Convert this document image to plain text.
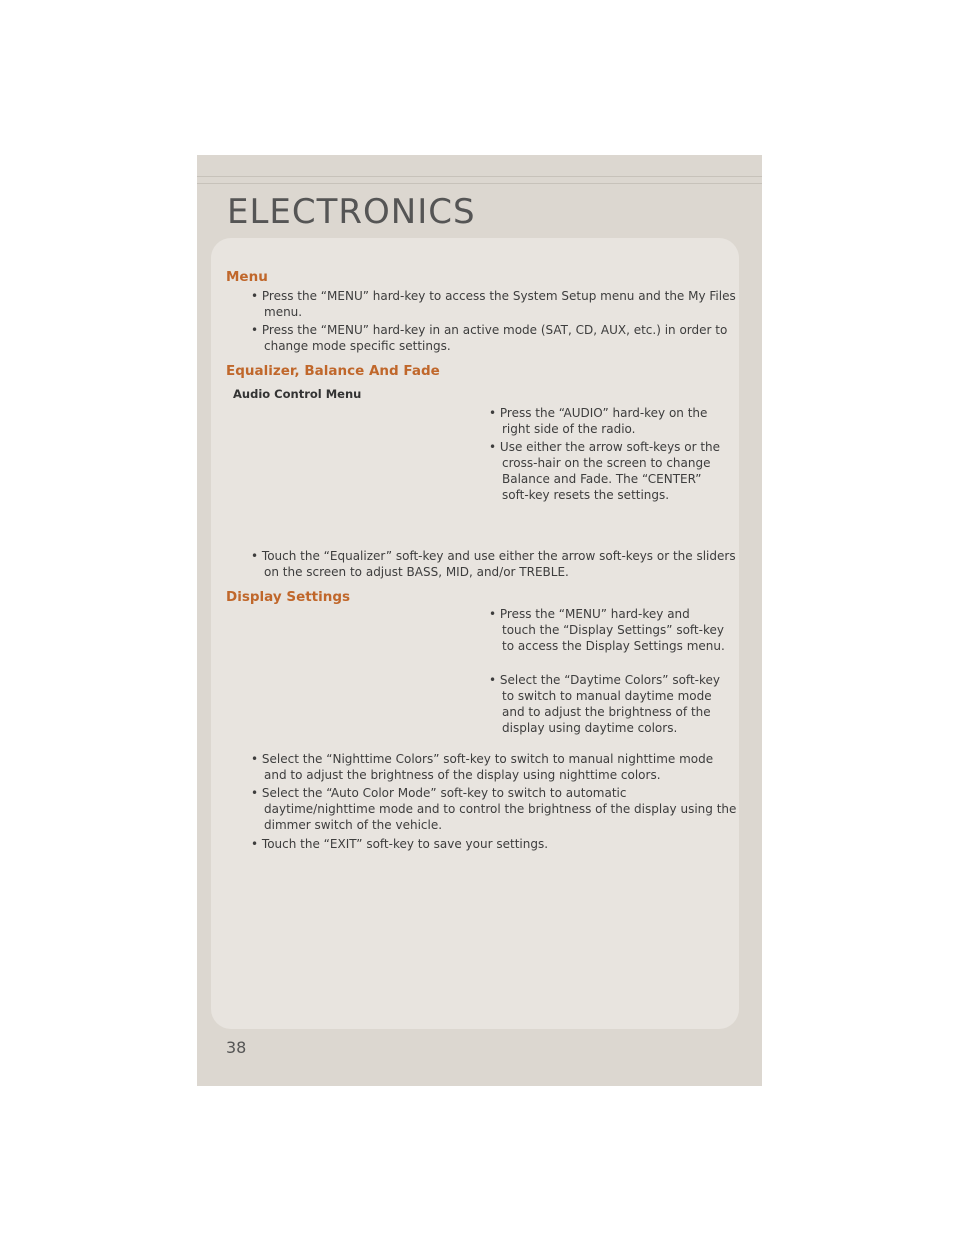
ELECTRONICS
Menu

• Press the “MENU” hard-key to access the System Setup menu and the My Files menu.

• Press the “MENU” hard-key in an active mode (SAT, CD, AUX, etc.) in order to change mode specific settings.

Equalizer, Balance And Fade
Audio Control Menu

• Press the “AUDIO” hard-key on the right side of the radio.

• Use either the arrow soft-keys or the cross-hair on the screen to change Balance and Fade. The “CENTER” soft-key resets the settings.

• Touch the “Equalizer” soft-key and use either the arrow soft-keys or the sliders on the screen to adjust BASS, MID, and/or TREBLE.

Display Settings

• Press the “MENU” hard-key and touch the “Display Settings” soft-key to access the Display Settings menu.

• Select the “Daytime Colors” soft-key to switch to manual daytime mode and to adjust the brightness of the display using daytime colors.

• Select the “Nighttime Colors” soft-key to switch to manual nighttime mode and to adjust the brightness of the display using nighttime colors.

• Select the “Auto Color Mode” soft-key to switch to automatic daytime/nighttime mode and to control the brightness of the display using the dimmer switch of the vehicle.

• Touch the “EXIT” soft-key to save your settings.

38
